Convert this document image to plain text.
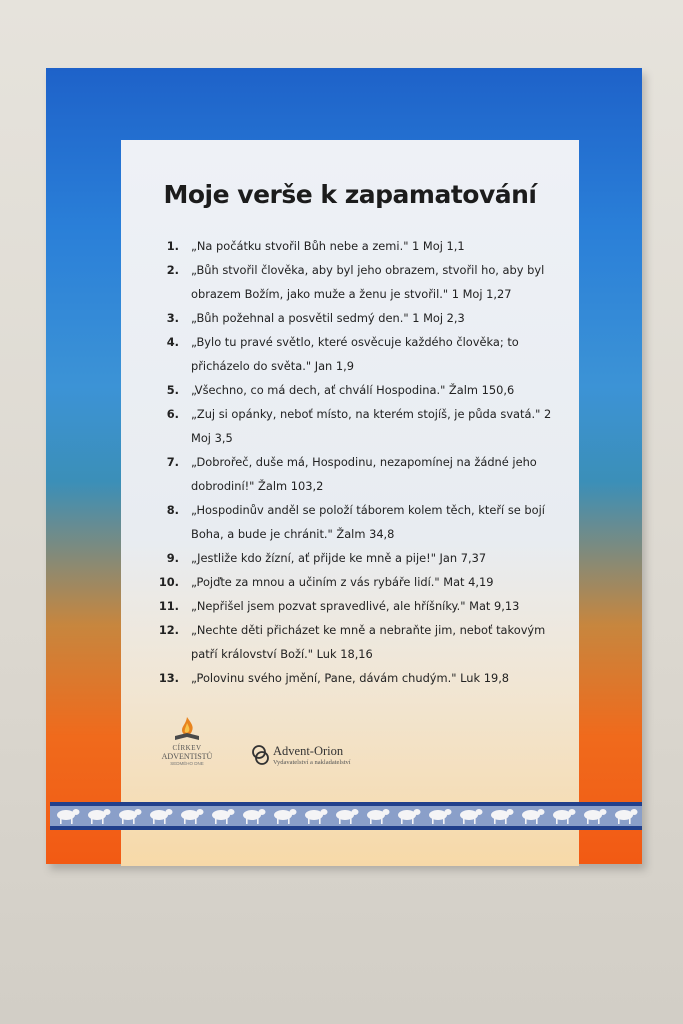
Moje verše k zapamatování
1.	„Na počátku stvořil Bůh nebe a zemi." 1 Moj 1,1
2.	„Bůh stvořil člověka, aby byl jeho obrazem, stvořil ho, aby byl obrazem Božím, jako muže a ženu je stvořil." 1 Moj 1,27
3.	„Bůh požehnal a posvětil sedmý den." 1 Moj 2,3
4.	„Bylo tu pravé světlo, které osvěcuje každého člověka; to přicházelo do světa." Jan 1,9
5.	„Všechno, co má dech, ať chválí Hospodina." Žalm 150,6
6.	„Zuj si opánky, neboť místo, na kterém stojíš, je půda svatá." 2 Moj 3,5
7.	„Dobrořeč, duše má, Hospodinu, nezapomínej na žádné jeho dobrodiní!" Žalm 103,2
8.	„Hospodinův anděl se položí táborem kolem těch, kteří se bojí Boha, a bude je chránit." Žalm 34,8
9.	„Jestliže kdo žízní, ať přijde ke mně a pije!" Jan 7,37
10.	„Pojďte za mnou a učiním z vás rybáře lidí." Mat 4,19
11.	„Nepřišel jsem pozvat spravedlivé, ale hříšníky." Mat 9,13
12.	„Nechte děti přicházet ke mně a nebraňte jim, neboť takovým patří království Boží." Luk 18,16
13.	„Polovinu svého jmění, Pane, dávám chudým." Luk 19,8
CÍRKEV
ADVENTISTŮ
SEDMÉHO DNE
Advent-Orion
Vydavatelství a nakladatelství
